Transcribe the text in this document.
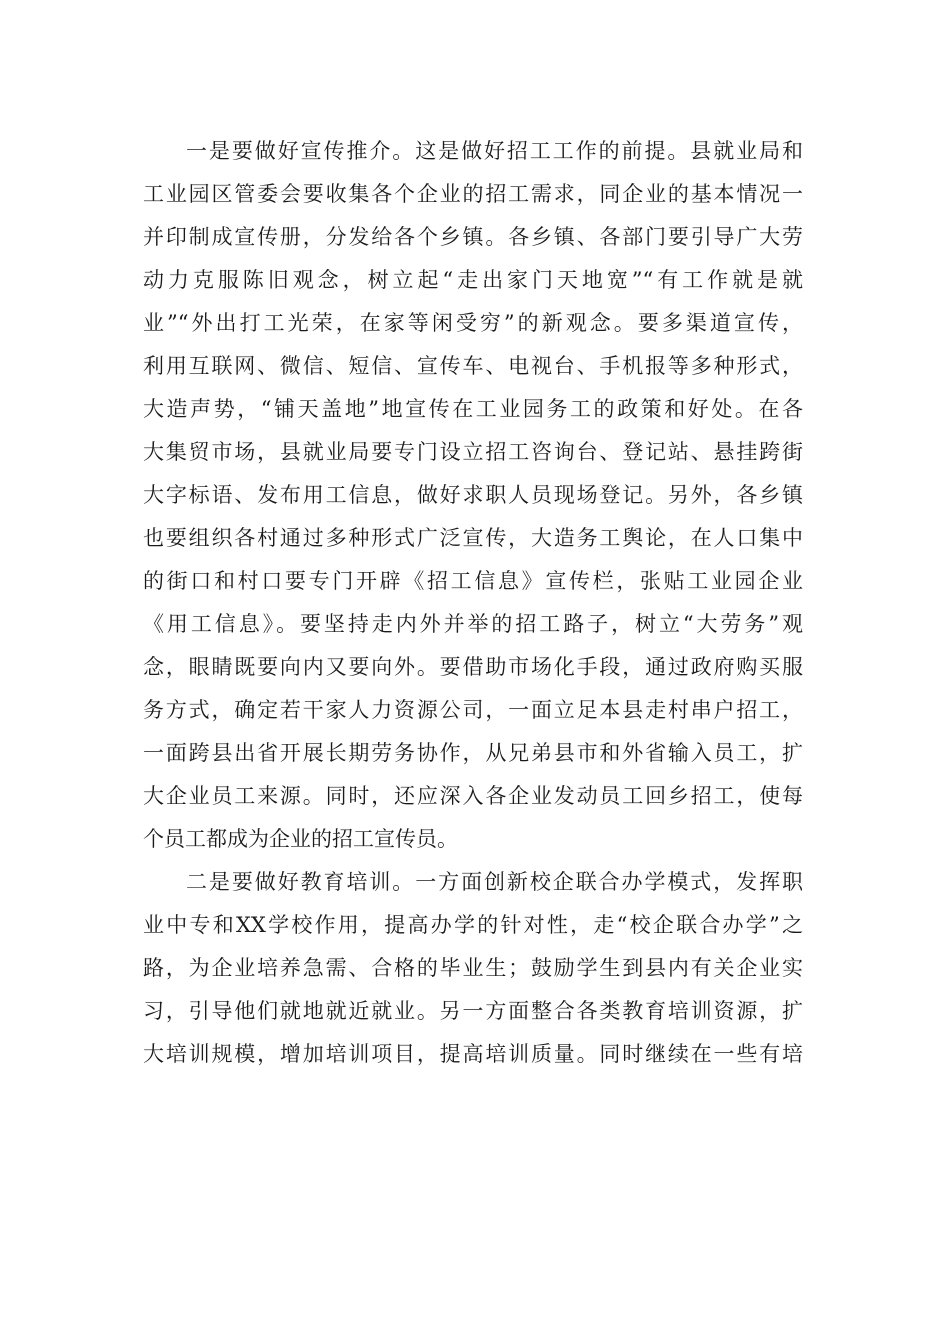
一是要做好宣传推介。这是做好招工工作的前提。县就业局和
工业园区管委会要收集各个企业的招工需求，同企业的基本情况一
并印制成宣传册，分发给各个乡镇。各乡镇、各部门要引导广大劳
动力克服陈旧观念，树立起“走出家门天地宽”“有工作就是就
业”“外出打工光荣，在家等闲受穷”的新观念。要多渠道宣传，
利用互联网、微信、短信、宣传车、电视台、手机报等多种形式，
大造声势，“铺天盖地”地宣传在工业园务工的政策和好处。在各
大集贸市场，县就业局要专门设立招工咨询台、登记站、悬挂跨街
大字标语、发布用工信息，做好求职人员现场登记。另外，各乡镇
也要组织各村通过多种形式广泛宣传，大造务工舆论，在人口集中
的街口和村口要专门开辟《招工信息》宣传栏，张贴工业园企业
《用工信息》。要坚持走内外并举的招工路子，树立“大劳务”观
念，眼睛既要向内又要向外。要借助市场化手段，通过政府购买服
务方式，确定若干家人力资源公司，一面立足本县走村串户招工，
一面跨县出省开展长期劳务协作，从兄弟县市和外省输入员工，扩
大企业员工来源。同时，还应深入各企业发动员工回乡招工，使每
个员工都成为企业的招工宣传员。
二是要做好教育培训。一方面创新校企联合办学模式，发挥职
业中专和XX学校作用，提高办学的针对性，走“校企联合办学”之
路，为企业培养急需、合格的毕业生；鼓励学生到县内有关企业实
习，引导他们就地就近就业。另一方面整合各类教育培训资源，扩
大培训规模，增加培训项目，提高培训质量。同时继续在一些有培
